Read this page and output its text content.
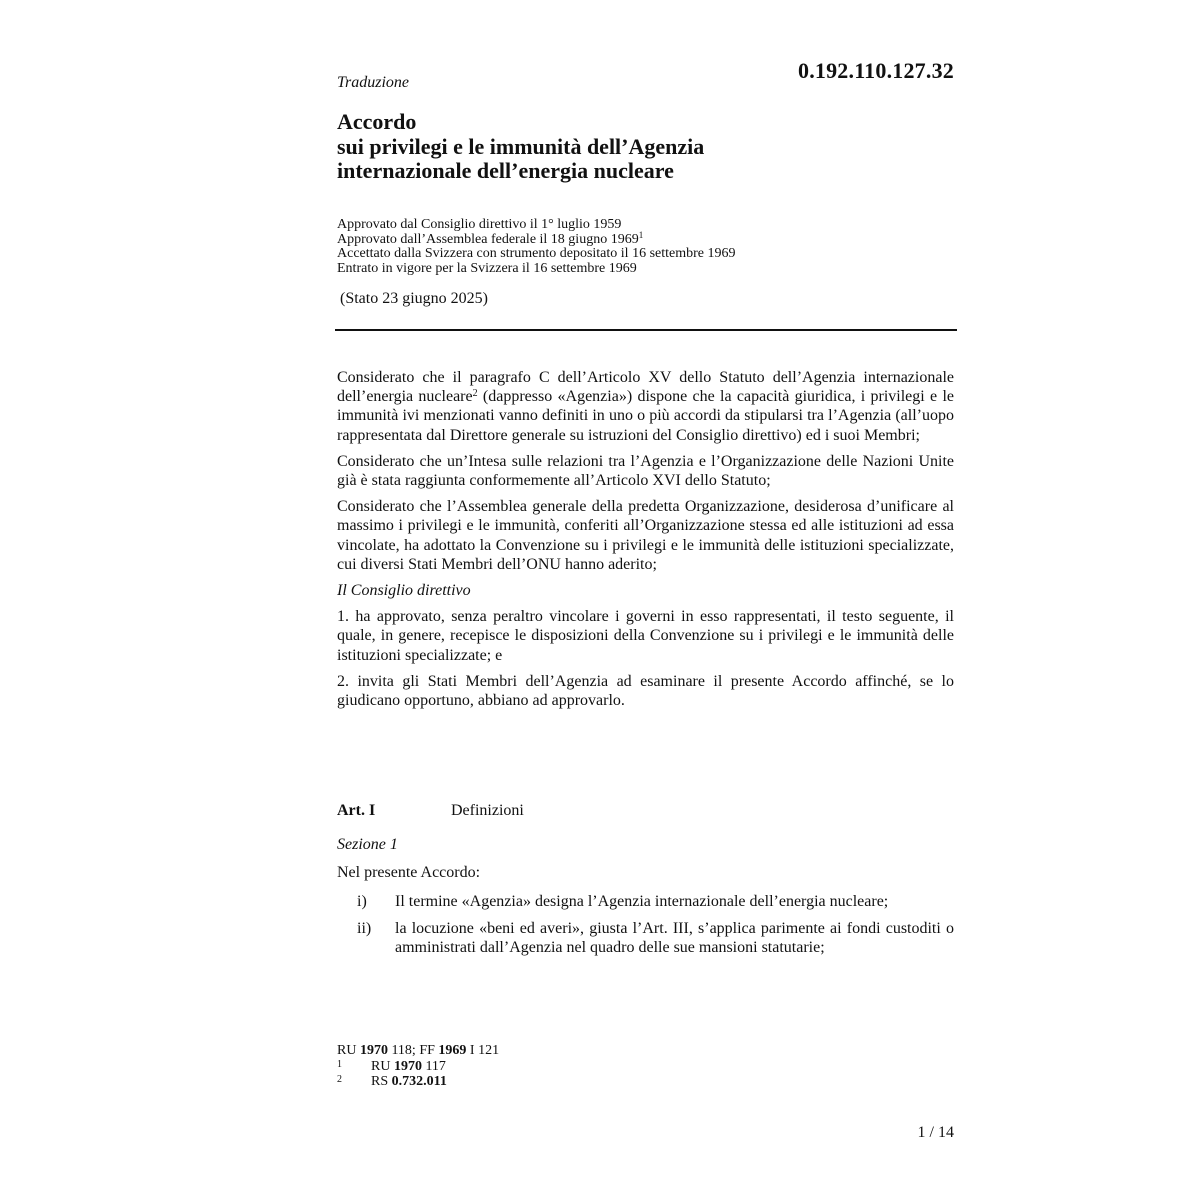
0.192.110.127.32
Traduzione
Accordo
sui privilegi e le immunità dell’Agenzia
internazionale dell’energia nucleare
Approvato dal Consiglio direttivo il 1° luglio 1959
Approvato dall’Assemblea federale il 18 giugno 1969$^1$
Accettato dalla Svizzera con strumento depositato il 16 settembre 1969
Entrato in vigore per la Svizzera il 16 settembre 1969
(Stato 23 giugno 2025)

Considerato che il paragrafo C dell’Articolo XV dello Statuto dell’Agenzia internazionale dell’energia nucleare$^2$ (dappresso «Agenzia») dispone che la capacità giuridica, i privilegi e le immunità ivi menzionati vanno definiti in uno o più accordi da stipularsi tra l’Agenzia (all’uopo rappresentata dal Direttore generale su istruzioni del Consiglio direttivo) ed i suoi Membri;

Considerato che un’Intesa sulle relazioni tra l’Agenzia e l’Organizzazione delle Nazioni Unite già è stata raggiunta conformemente all’Articolo XVI dello Statuto;

Considerato che l’Assemblea generale della predetta Organizzazione, desiderosa d’unificare al massimo i privilegi e le immunità, conferiti all’Organizzazione stessa ed alle istituzioni ad essa vincolate, ha adottato la Convenzione su i privilegi e le immunità delle istituzioni specializzate, cui diversi Stati Membri dell’ONU hanno aderito;

Il Consiglio direttivo

1. ha approvato, senza peraltro vincolare i governi in esso rappresentati, il testo seguente, il quale, in genere, recepisce le disposizioni della Convenzione su i privilegi e le immunità delle istituzioni specializzate; e

2. invita gli Stati Membri dell’Agenzia ad esaminare il presente Accordo affinché, se lo giudicano opportuno, abbiano ad approvarlo.

Art. I	Definizioni
Sezione 1
Nel presente Accordo:
i)	Il termine «Agenzia» designa l’Agenzia internazionale dell’energia nucleare;
ii)	la locuzione «beni ed averi», giusta l’Art. III, s’applica parimente ai fondi custoditi o amministrati dall’Agenzia nel quadro delle sue mansioni statutarie;
RU 1970 118; FF 1969 I 121
1	RU 1970 117
2	RS 0.732.011
1 / 14
